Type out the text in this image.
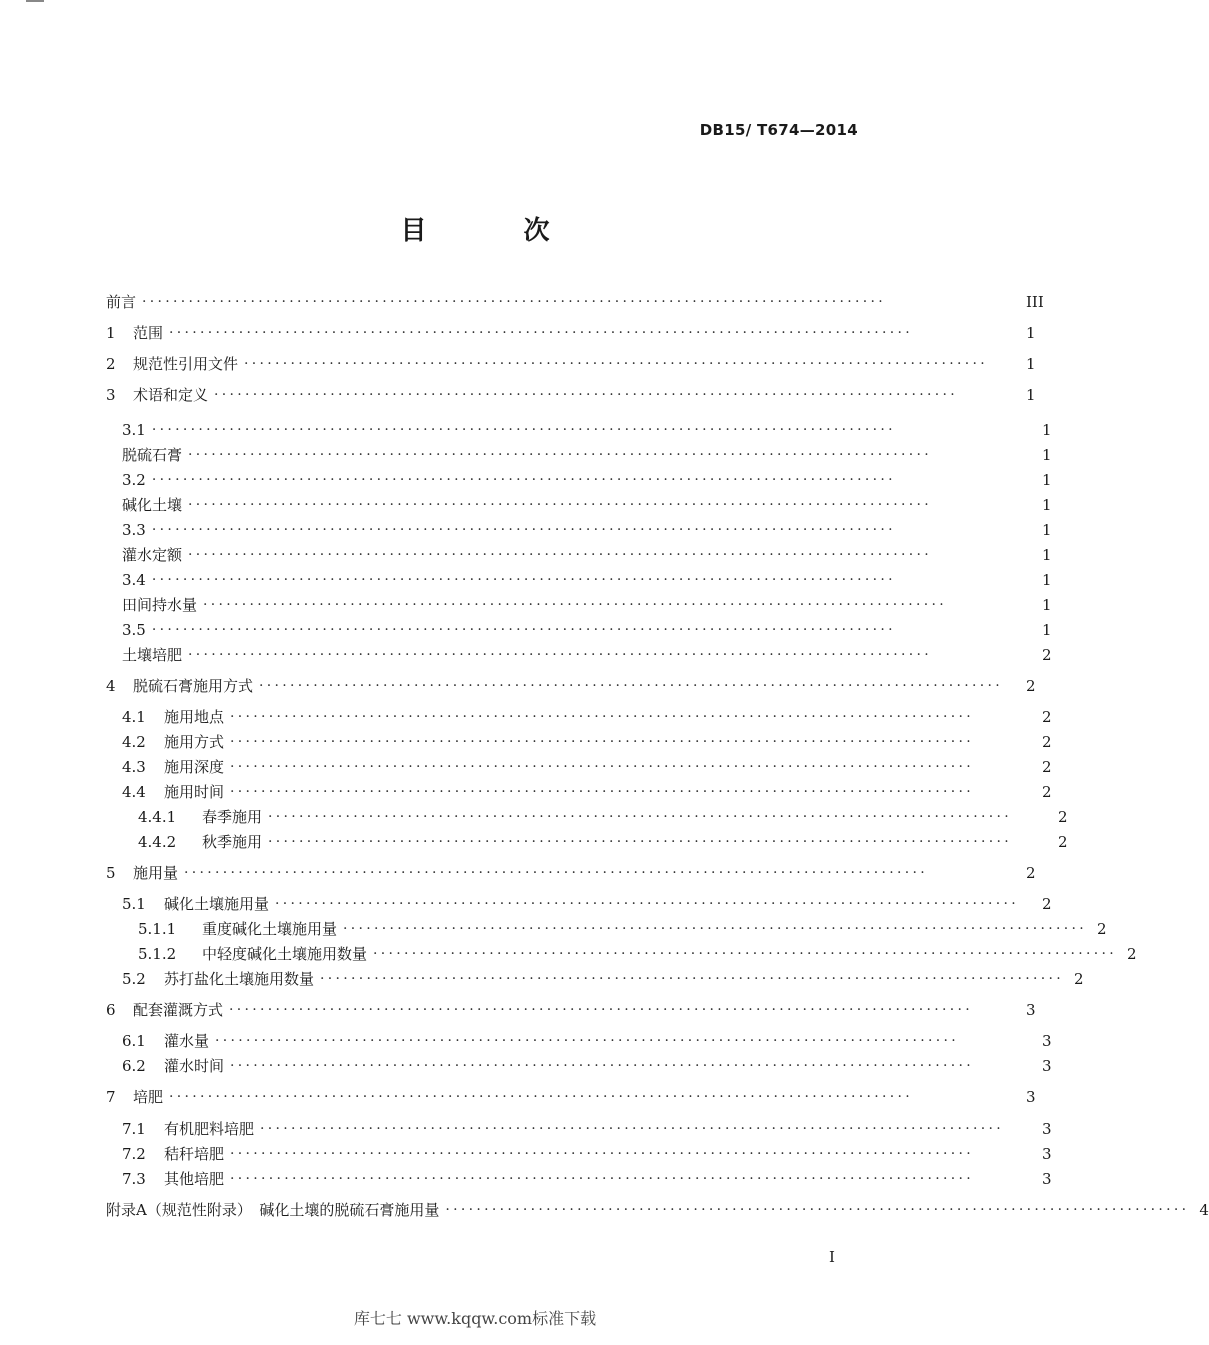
DB15/ T674—2014
目 次
前言 ································································································	III
1	范围 ································································································	1
2	规范性引用文件 ································································································	1
3	术语和定义 ································································································	1
3.1 ································································································	1
脱硫石膏 ································································································	1
3.2 ································································································	1
碱化土壤 ································································································	1
3.3 ································································································	1
灌水定额 ································································································	1
3.4 ································································································	1
田间持水量 ································································································	1
3.5 ································································································	1
土壤培肥 ································································································	2
4	脱硫石膏施用方式 ································································································	2
4.1	施用地点 ································································································	2
4.2	施用方式 ································································································	2
4.3	施用深度 ································································································	2
4.4	施用时间 ································································································	2
4.4.1	春季施用 ································································································	2
4.4.2	秋季施用 ································································································	2
5	施用量 ································································································	2
5.1	碱化土壤施用量 ································································································	2
5.1.1	重度碱化土壤施用量 ································································································ 2
5.1.2	中轻度碱化土壤施用数量 ································································································ 2
5.2	苏打盐化土壤施用数量 ································································································ 2
6	配套灌溉方式 ································································································	3
6.1	灌水量 ································································································	3
6.2	灌水时间 ································································································	3
7	培肥 ································································································	3
7.1	有机肥料培肥 ································································································	3
7.2	秸秆培肥 ································································································	3
7.3	其他培肥 ································································································	3
附录A（规范性附录）　碱化土壤的脱硫石膏施用量 ································································································ 4
I
库七七 www.kqqw.com标准下载
